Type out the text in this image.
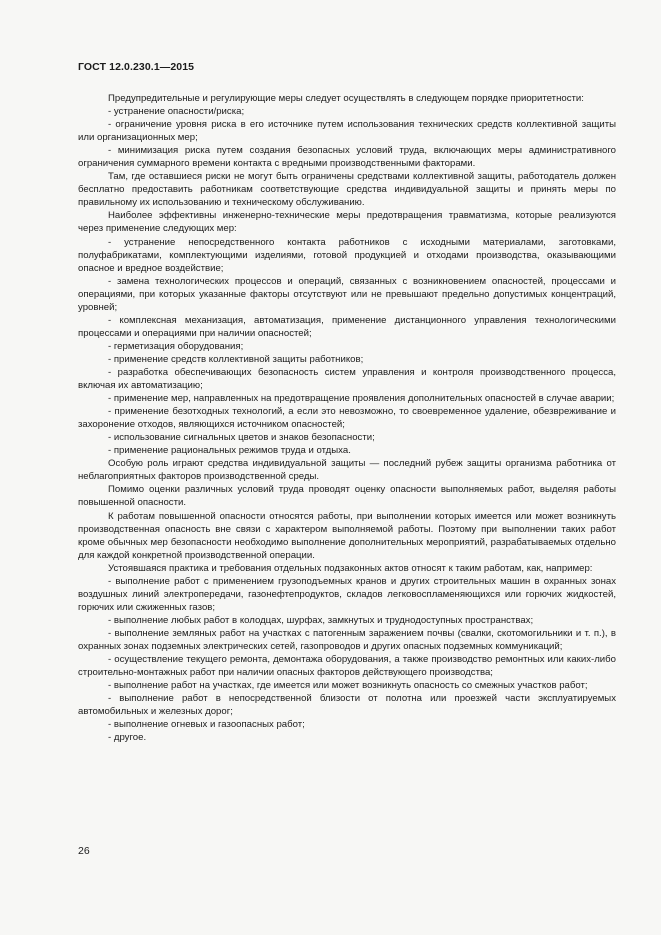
ГОСТ 12.0.230.1—2015

Предупредительные и регулирующие меры следует осуществлять в следующем порядке приоритетности:

- устранение опасности/риска;

- ограничение уровня риска в его источнике путем использования технических средств коллективной защиты или организационных мер;

- минимизация риска путем создания безопасных условий труда, включающих меры административного ограничения суммарного времени контакта с вредными производственными факторами.

Там, где оставшиеся риски не могут быть ограничены средствами коллективной защиты, работодатель должен бесплатно предоставить работникам соответствующие средства индивидуальной защиты и принять меры по правильному их использованию и техническому обслуживанию.

Наиболее эффективны инженерно-технические меры предотвращения травматизма, которые реализуются через применение следующих мер:

- устранение непосредственного контакта работников с исходными материалами, заготовками, полуфабрикатами, комплектующими изделиями, готовой продукцией и отходами производства, оказывающими опасное и вредное воздействие;

- замена технологических процессов и операций, связанных с возникновением опасностей, процессами и операциями, при которых указанные факторы отсутствуют или не превышают предельно допустимых концентраций, уровней;

- комплексная механизация, автоматизация, применение дистанционного управления технологическими процессами и операциями при наличии опасностей;

- герметизация оборудования;

- применение средств коллективной защиты работников;

- разработка обеспечивающих безопасность систем управления и контроля производственного процесса, включая их автоматизацию;

- применение мер, направленных на предотвращение проявления дополнительных опасностей в случае аварии;

- применение безотходных технологий, а если это невозможно, то своевременное удаление, обезвреживание и захоронение отходов, являющихся источником опасностей;

- использование сигнальных цветов и знаков безопасности;

- применение рациональных режимов труда и отдыха.

Особую роль играют средства индивидуальной защиты — последний рубеж защиты организма работника от неблагоприятных факторов производственной среды.

Помимо оценки различных условий труда проводят оценку опасности выполняемых работ, выделяя работы повышенной опасности.

К работам повышенной опасности относятся работы, при выполнении которых имеется или может возникнуть производственная опасность вне связи с характером выполняемой работы. Поэтому при выполнении таких работ кроме обычных мер безопасности необходимо выполнение дополнительных мероприятий, разрабатываемых отдельно для каждой конкретной производственной операции.

Устоявшаяся практика и требования отдельных подзаконных актов относят к таким работам, как, например:

- выполнение работ с применением грузоподъемных кранов и других строительных машин в охранных зонах воздушных линий электропередачи, газонефтепродуктов, складов легковоспламеняющихся или горючих жидкостей, горючих или сжиженных газов;

- выполнение любых работ в колодцах, шурфах, замкнутых и труднодоступных пространствах;

- выполнение земляных работ на участках с патогенным заражением почвы (свалки, скотомогильники и т. п.), в охранных зонах подземных электрических сетей, газопроводов и других опасных подземных коммуникаций;

- осуществление текущего ремонта, демонтажа оборудования, а также производство ремонтных или каких-либо строительно-монтажных работ при наличии опасных факторов действующего производства;

- выполнение работ на участках, где имеется или может возникнуть опасность со смежных участков работ;

- выполнение работ в непосредственной близости от полотна или проезжей части эксплуатируемых автомобильных и железных дорог;

- выполнение огневых и газоопасных работ;

- другое.

26
